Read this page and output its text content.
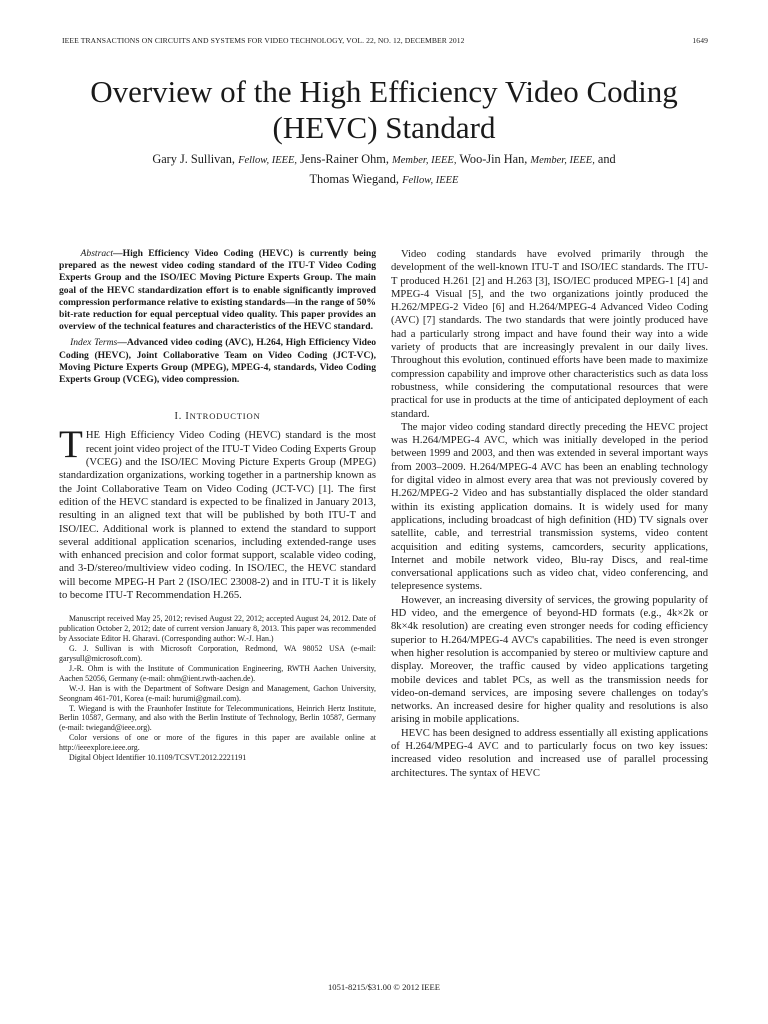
IEEE TRANSACTIONS ON CIRCUITS AND SYSTEMS FOR VIDEO TECHNOLOGY, VOL. 22, NO. 12, DECEMBER 2012	1649
Overview of the High Efficiency Video Coding (HEVC) Standard
Gary J. Sullivan, Fellow, IEEE, Jens-Rainer Ohm, Member, IEEE, Woo-Jin Han, Member, IEEE, and
Thomas Wiegand, Fellow, IEEE

Abstract—High Efficiency Video Coding (HEVC) is currently being prepared as the newest video coding standard of the ITU-T Video Coding Experts Group and the ISO/IEC Moving Picture Experts Group. The main goal of the HEVC standardization effort is to enable significantly improved compression performance relative to existing standards—in the range of 50% bit-rate reduction for equal perceptual video quality. This paper provides an overview of the technical features and characteristics of the HEVC standard.

Index Terms—Advanced video coding (AVC), H.264, High Efficiency Video Coding (HEVC), Joint Collaborative Team on Video Coding (JCT-VC), Moving Picture Experts Group (MPEG), MPEG-4, standards, Video Coding Experts Group (VCEG), video compression.

I. INTRODUCTION

THE High Efficiency Video Coding (HEVC) standard is the most recent joint video project of the ITU-T Video Coding Experts Group (VCEG) and the ISO/IEC Moving Picture Experts Group (MPEG) standardization organizations, working together in a partnership known as the Joint Collaborative Team on Video Coding (JCT-VC) [1]. The first edition of the HEVC standard is expected to be finalized in January 2013, resulting in an aligned text that will be published by both ITU-T and ISO/IEC. Additional work is planned to extend the standard to support several additional application scenarios, including extended-range uses with enhanced precision and color format support, scalable video coding, and 3-D/stereo/multiview video coding. In ISO/IEC, the HEVC standard will become MPEG-H Part 2 (ISO/IEC 23008-2) and in ITU-T it is likely to become ITU-T Recommendation H.265.

Manuscript received May 25, 2012; revised August 22, 2012; accepted August 24, 2012. Date of publication October 2, 2012; date of current version January 8, 2013. This paper was recommended by Associate Editor H. Gharavi. (Corresponding author: W.-J. Han.)

G. J. Sullivan is with Microsoft Corporation, Redmond, WA 98052 USA (e-mail: garysull@microsoft.com).

J.-R. Ohm is with the Institute of Communication Engineering, RWTH Aachen University, Aachen 52056, Germany (e-mail: ohm@ient.rwth-aachen.de).

W.-J. Han is with the Department of Software Design and Management, Gachon University, Seongnam 461-701, Korea (e-mail: hurumi@gmail.com).

T. Wiegand is with the Fraunhofer Institute for Telecommunications, Heinrich Hertz Institute, Berlin 10587, Germany, and also with the Berlin Institute of Technology, Berlin 10587, Germany (e-mail: twiegand@ieee.org).

Color versions of one or more of the figures in this paper are available online at http://ieeexplore.ieee.org.

Digital Object Identifier 10.1109/TCSVT.2012.2221191

Video coding standards have evolved primarily through the development of the well-known ITU-T and ISO/IEC standards. The ITU-T produced H.261 [2] and H.263 [3], ISO/IEC produced MPEG-1 [4] and MPEG-4 Visual [5], and the two organizations jointly produced the H.262/MPEG-2 Video [6] and H.264/MPEG-4 Advanced Video Coding (AVC) [7] standards. The two standards that were jointly produced have had a particularly strong impact and have found their way into a wide variety of products that are increasingly prevalent in our daily lives. Throughout this evolution, continued efforts have been made to maximize compression capability and improve other characteristics such as data loss robustness, while considering the computational resources that were practical for use in products at the time of anticipated deployment of each standard.

The major video coding standard directly preceding the HEVC project was H.264/MPEG-4 AVC, which was initially developed in the period between 1999 and 2003, and then was extended in several important ways from 2003–2009. H.264/MPEG-4 AVC has been an enabling technology for digital video in almost every area that was not previously covered by H.262/MPEG-2 Video and has substantially displaced the older standard within its existing application domains. It is widely used for many applications, including broadcast of high definition (HD) TV signals over satellite, cable, and terrestrial transmission systems, video content acquisition and editing systems, camcorders, security applications, Internet and mobile network video, Blu-ray Discs, and real-time conversational applications such as video chat, video conferencing, and telepresence systems.

However, an increasing diversity of services, the growing popularity of HD video, and the emergence of beyond-HD formats (e.g., 4k×2k or 8k×4k resolution) are creating even stronger needs for coding efficiency superior to H.264/MPEG-4 AVC's capabilities. The need is even stronger when higher resolution is accompanied by stereo or multiview capture and display. Moreover, the traffic caused by video applications targeting mobile devices and tablet PCs, as well as the transmission needs for video-on-demand services, are imposing severe challenges on today's networks. An increased desire for higher quality and resolutions is also arising in mobile applications.

HEVC has been designed to address essentially all existing applications of H.264/MPEG-4 AVC and to particularly focus on two key issues: increased video resolution and increased use of parallel processing architectures. The syntax of HEVC

1051-8215/$31.00 © 2012 IEEE
